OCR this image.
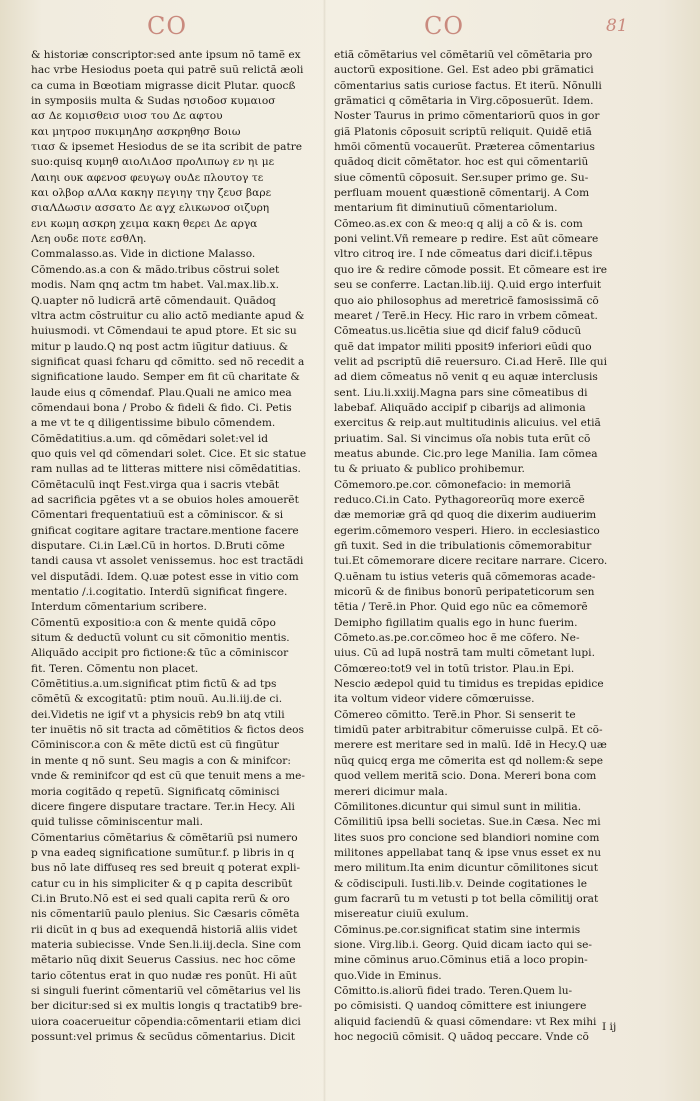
CO	CO	81
& historiæ conscriptor:sed ante ipsum nõ tamẽ ex
hac vrbe Hesiodus poeta qui patrẽ suũ relictã æoli
ca cuma in Bœotiam migrasse dicit Plutar. quocß
in symposiis multa & Sudas ησιοδοσ κυμαιοσ
ασ Δε κομισθεισ υιοσ του Δε αφτου
και μητροσ πυκιμηΔησ ασκρηθησ Βοιω
τιασ & ipsemet Hesiodus de se ita scribit de patre
suo:quisq κυμηθ αιοΛιΔοσ προΛιπωγ εν ηι με
Λαιηι ουκ αφενοσ φευγωγ ουΔε πλουτογ τε
και ολβορ αΛΛα κακηγ πεγιηγ τηγ ζευσ βαρε
σιαΛΔωσιν ασσατο Δε αγχ ελικωνοσ οιζυρη
ενι κωμη ασκρη χειμα κακη θερει Δε αργα
Λεη ουδε ποτε εσθΛη.
Commalasso.as. Vide in dictione Malasso.
Cõmendo.as.a con & mãdo.tribus cõstrui solet
modis. Nam qnq actm tm habet. Val.max.lib.x.
Q.uapter nõ ludicrã artẽ cõmendauit. Quãdoq
vltra actm cõstruitur cu alio actõ mediante apud &
huiusmodi. vt Cõmendaui te apud ptore. Et sic su
mitur p laudo.Q nq post actm iũgitur datiuus. &
significat quasi fcharu qd cõmitto. sed nõ recedit a
significatione laudo. Semper em fit cũ charitate &
laude eius q cõmendaf. Plau.Quali ne amico mea
cõmendaui bona / Probo & fideli & fido. Ci. Petis
a me vt te q diligentissime bibulo cõmendem.
Cõmẽdatitius.a.um. qd cõmẽdari solet:vel id
quo quis vel qd cõmendari solet. Cice. Et sic statue
ram nullas ad te litteras mittere nisi cõmẽdatitias.
Cõmẽtaculũ inqt Fest.virga qua i sacris vtebãt
ad sacrificia pgẽtes vt a se obuios holes amouerẽt
Cõmentari frequentatiuũ est a cõminiscor. & si
gnificat cogitare agitare tractare.mentione facere
disputare. Ci.in Læl.Cũ in hortos. D.Bruti cõme
tandi causa vt assolet venissemus. hoc est tractãdi
vel disputãdi. Idem. Q.uæ potest esse in vitio com
mentatio /.i.cogitatio. Interdũ significat fingere.
Interdum cõmentarium scribere.
Cõmentũ expositio:a con & mente quidã cõpo
situm & deductũ volunt cu sit cõmonitio mentis.
Aliquãdo accipit pro fictione:& tũc a cõminiscor
fit. Teren. Cõmentu non placet.
Cõmẽtitius.a.um.significat ptim fictũ & ad tps
cõmẽtũ & excogitatũ: ptim nouũ. Au.li.iij.de ci.
dei.Videtis ne igif vt a physicis reb9 bn atq vtili
ter inuẽtis nõ sit tracta ad cõmẽtitios & fictos deos
Cõminiscor.a con & mẽte dictũ est cũ fingũtur
in mente q nõ sunt. Seu magis a con & minifcor:
vnde & reminifcor qd est cũ que tenuit mens a me-
moria cogitãdo q repetũ. Significatq cõminisci
dicere fingere disputare tractare. Ter.in Hecy. Ali
quid tulisse cõminiscentur mali.
Cõmentarius cõmẽtarius & cõmẽtariũ psi numero
p vna eadeq significatione sumũtur.f. p libris in q
bus nõ late diffuseq res sed breuit q poterat expli-
catur cu in his simpliciter & q p capita describũt
Ci.in Bruto.Nõ est ei sed quali capita rerũ & oro
nis cõmentariũ paulo plenius. Sic Cæsaris cõmẽta
rii dicũt in q bus ad exequendã historiã aliis videt
materia subiecisse. Vnde Sen.li.iij.decla. Sine com
mẽtario nũq dixit Seuerus Cassius. nec hoc cõme
tario cõtentus erat in quo nudæ res ponũt. Hi aũt
si singuli fuerint cõmentariũ vel cõmẽtarius vel lis
ber dicitur:sed si ex multis longis q tractatib9 bre-
uiora coacerueitur cõpendia:cõmentarii etiam dici
possunt:vel primus & secũdus cõmentarius. Dicit
etiã cõmẽtarius vel cõmẽtariũ vel cõmẽtaria pro
auctorũ expositione. Gel. Est adeo pbi grãmatici
cõmentarius satis curiose factus. Et iterũ. Nõnulli
grãmatici q cõmẽtaria in Virg.cõposuerũt. Idem.
Noster Taurus in primo cõmentariorũ quos in gor
giã Platonis cõposuit scriptũ reliquit. Quidẽ etiã
hmõi cõmentũ vocauerũt. Præterea cõmentarius
quãdoq dicit cõmẽtator. hoc est qui cõmentariũ
siue cõmentũ cõposuit. Ser.super primo ge. Su-
perfluam mouent quæstionẽ cõmentarij. A Com
mentarium fit diminutiuũ cõmentariolum.
Cõmeo.as.ex con & meo:q q alij a cõ & is. com
poni velint.Vñ remeare p redire. Est aũt cõmeare
vltro citroq ire. I nde cõmeatus dari dicif.i.tẽpus
quo ire & redire cõmode possit. Et cõmeare est ire
seu se conferre. Lactan.lib.iij. Q.uid ergo interfuit
quo aio philosophus ad meretricẽ famosissimã cõ
mearet / Terẽ.in Hecy. Hic raro in vrbem cõmeat.
Cõmeatus.us.licẽtia siue qd dicif falu9 cõducũ
quẽ dat impator militi pposit9 inferiori eũdi quo
velit ad pscriptũ diẽ reuersuro. Ci.ad Herẽ. Ille qui
ad diem cõmeatus nõ venit q eu aquæ interclusis
sent. Liu.li.xxiij.Magna pars sine cõmeatibus di
labebaf. Aliquãdo accipif p cibarijs ad alimonia
exercitus & reip.aut multitudinis alicuius. vel etiã
priuatim. Sal. Si vincimus oĩa nobis tuta erũt cõ
meatus abunde. Cic.pro lege Manilia. Iam cõmea
tu & priuato & publico prohibemur.
Cõmemoro.pe.cor. cõmonefacio: in memoriã
reduco.Ci.in Cato. Pythagoreorũq more exercẽ
dæ memoriæ grã qd quoq die dixerim audiuerim
egerim.cõmemoro vesperi. Hiero. in ecclesiastico
gñ tuxit. Sed in die tribulationis cõmemorabitur
tui.Et cõmemorare dicere recitare narrare. Cicero.
Q.uẽnam tu istius veteris quã cõmemoras acade-
micorũ & de finibus bonorũ peripateticorum sen
tẽtia / Terẽ.in Phor. Quid ego nũc ea cõmemorẽ
Demipho figillatim qualis ego in hunc fuerim.
Cõmeto.as.pe.cor.cõmeo hoc ẽ me cõfero. Ne-
uius. Cũ ad lupã nostrã tam multi cõmetant lupi.
Cõmœreo:tot9 vel in totũ tristor. Plau.in Epi.
Nescio ædepol quid tu timidus es trepidas epidice
ita voltum videor videre cõmœruisse.
Cõmereo cõmitto. Terẽ.in Phor. Si senserit te
timidũ pater arbitrabitur cõmeruisse culpã. Et cõ-
merere est meritare sed in malũ. Idẽ in Hecy.Q uæ
nũq quicq erga me cõmerita est qd nollem:& sepe
quod vellem meritã scio. Dona. Mereri bona com
mereri dicimur mala.
Cõmilitones.dicuntur qui simul sunt in militia.
Cõmilitiũ ipsa belli societas. Sue.in Cæsa. Nec mi
lites suos pro concione sed blandiori nomine com
militones appellabat tanq & ipse vnus esset ex nu
mero militum.Ita enim dicuntur cõmilitones sicut
& cõdiscipuli. Iusti.lib.v. Deinde cogitationes le
gum facrarũ tu m vetusti p tot bella cõmilitij orat
misereatur ciuiũ exulum.
Cõminus.pe.cor.significat statim sine intermis
sione. Virg.lib.i. Georg. Quid dicam iacto qui se-
mine cõminus aruo.Cõminus etiã a loco propin-
quo.Vide in Eminus.
Cõmitto.is.aliorũ fidei trado. Teren.Quem lu-
po cõmisisti. Q uandoq cõmittere est iniungere
aliquid faciendũ & quasi cõmendare: vt Rex mihi
hoc negociũ cõmisit. Q uãdoq peccare. Vnde cõ
I ij
